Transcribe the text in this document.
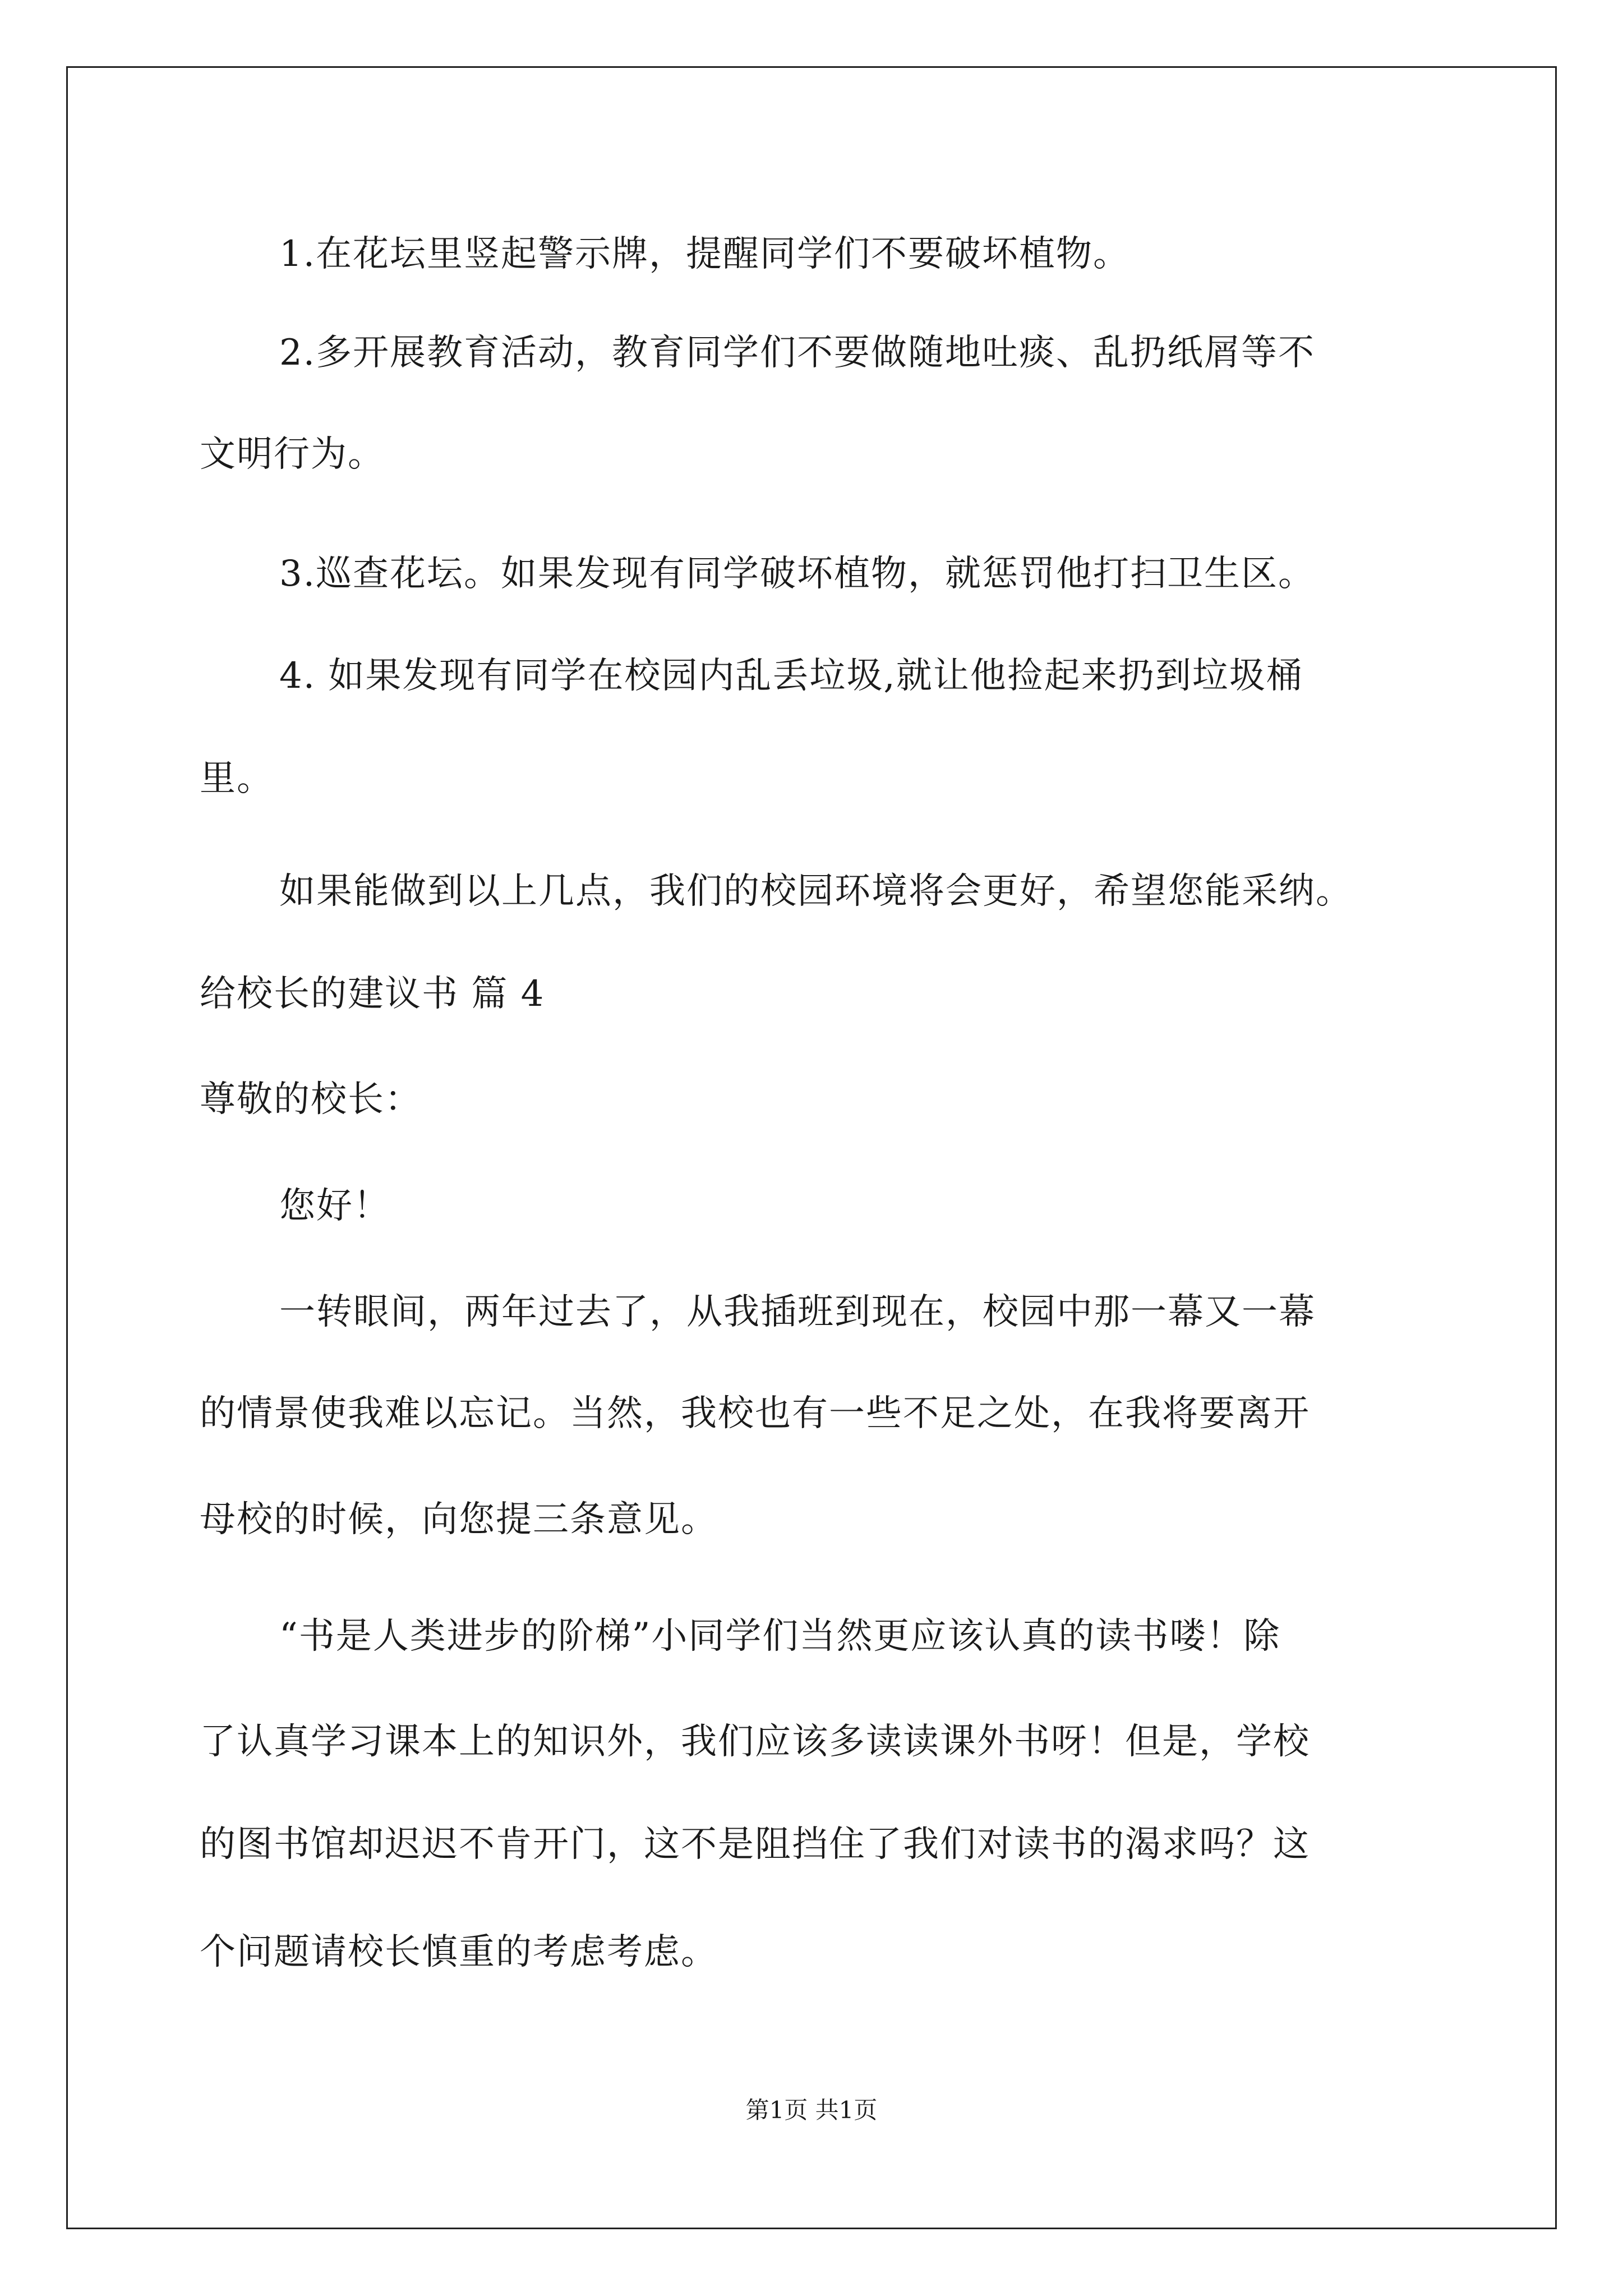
1.在花坛里竖起警示牌，提醒同学们不要破坏植物。
2.多开展教育活动，教育同学们不要做随地吐痰、乱扔纸屑等不
文明行为。
3.巡查花坛。如果发现有同学破坏植物，就惩罚他打扫卫生区。
4. 如果发现有同学在校园内乱丢垃圾,就让他捡起来扔到垃圾桶
里。
如果能做到以上几点，我们的校园环境将会更好，希望您能采纳。
给校长的建议书 篇 4
尊敬的校长：
您好！
一转眼间，两年过去了，从我插班到现在，校园中那一幕又一幕
的情景使我难以忘记。当然，我校也有一些不足之处，在我将要离开
母校的时候，向您提三条意见。
“书是人类进步的阶梯”小同学们当然更应该认真的读书喽！除
了认真学习课本上的知识外，我们应该多读读课外书呀！但是，学校
的图书馆却迟迟不肯开门，这不是阻挡住了我们对读书的渴求吗？这
个问题请校长慎重的考虑考虑。
第1页 共1页
